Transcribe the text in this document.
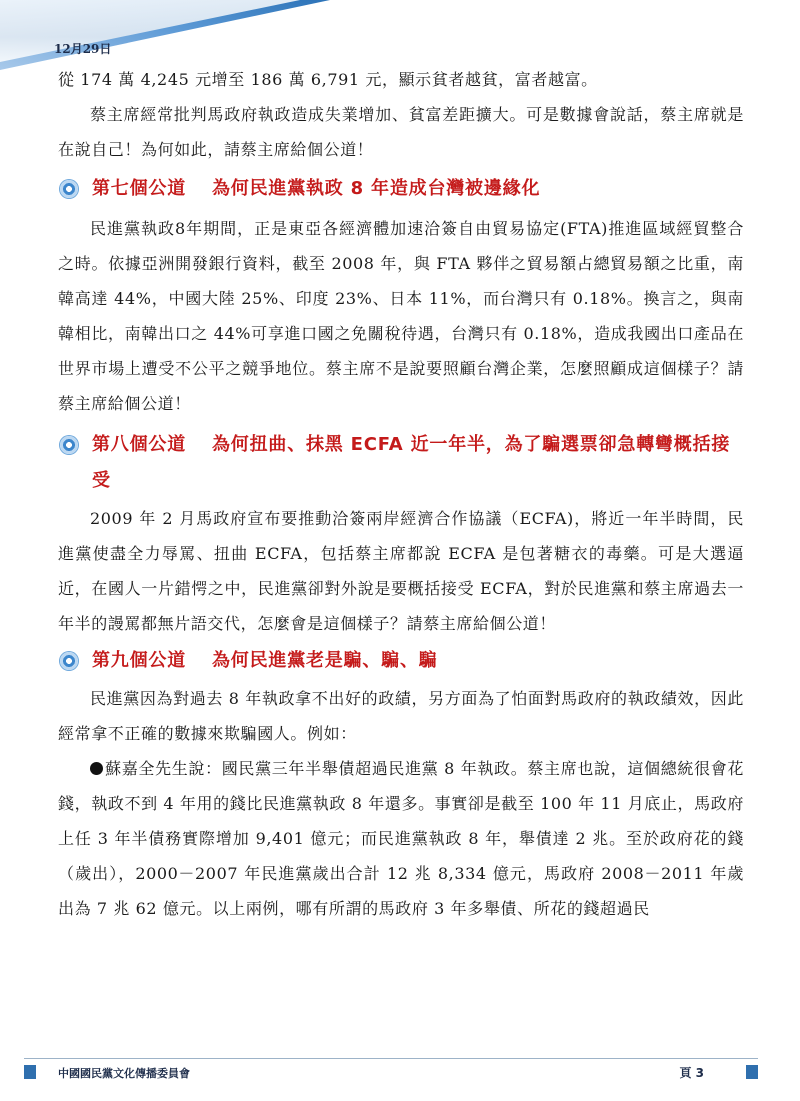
12月29日

從 174 萬 4,245 元增至 186 萬 6,791 元，顯示貧者越貧，富者越富。

蔡主席經常批判馬政府執政造成失業增加、貧富差距擴大。可是數據會說話，蔡主席就是在說自己！為何如此，請蔡主席給個公道！

第七個公道 為何民進黨執政 8 年造成台灣被邊緣化

民進黨執政8年期間，正是東亞各經濟體加速洽簽自由貿易協定(FTA)推進區域經貿整合之時。依據亞洲開發銀行資料，截至 2008 年，與 FTA 夥伴之貿易額占總貿易額之比重，南韓高達 44%，中國大陸 25%、印度 23%、日本 11%，而台灣只有 0.18%。換言之，與南韓相比，南韓出口之 44%可享進口國之免關稅待遇，台灣只有 0.18%，造成我國出口產品在世界市場上遭受不公平之競爭地位。蔡主席不是說要照顧台灣企業，怎麼照顧成這個樣子？請蔡主席給個公道！

第八個公道 為何扭曲、抹黑 ECFA 近一年半，為了騙選票卻急轉彎概括接受

2009 年 2 月馬政府宣布要推動洽簽兩岸經濟合作協議（ECFA)，將近一年半時間，民進黨使盡全力辱罵、扭曲 ECFA，包括蔡主席都說 ECFA 是包著糖衣的毒藥。可是大選逼近，在國人一片錯愕之中，民進黨卻對外說是要概括接受 ECFA，對於民進黨和蔡主席過去一年半的謾罵都無片語交代，怎麼會是這個樣子？請蔡主席給個公道！

第九個公道 為何民進黨老是騙、騙、騙

民進黨因為對過去 8 年執政拿不出好的政績，另方面為了怕面對馬政府的執政績效，因此經常拿不正確的數據來欺騙國人。例如：

蘇嘉全先生說：國民黨三年半舉債超過民進黨 8 年執政。蔡主席也說，這個總統很會花錢，執政不到 4 年用的錢比民進黨執政 8 年還多。事實卻是截至 100 年 11 月底止，馬政府上任 3 年半債務實際增加 9,401 億元；而民進黨執政 8 年，舉債達 2 兆。至於政府花的錢（歲出），2000－2007 年民進黨歲出合計 12 兆 8,334 億元，馬政府 2008－2011 年歲出為 7 兆 62 億元。以上兩例，哪有所謂的馬政府 3 年多舉債、所花的錢超過民

中國國民黨文化傳播委員會	頁 3
